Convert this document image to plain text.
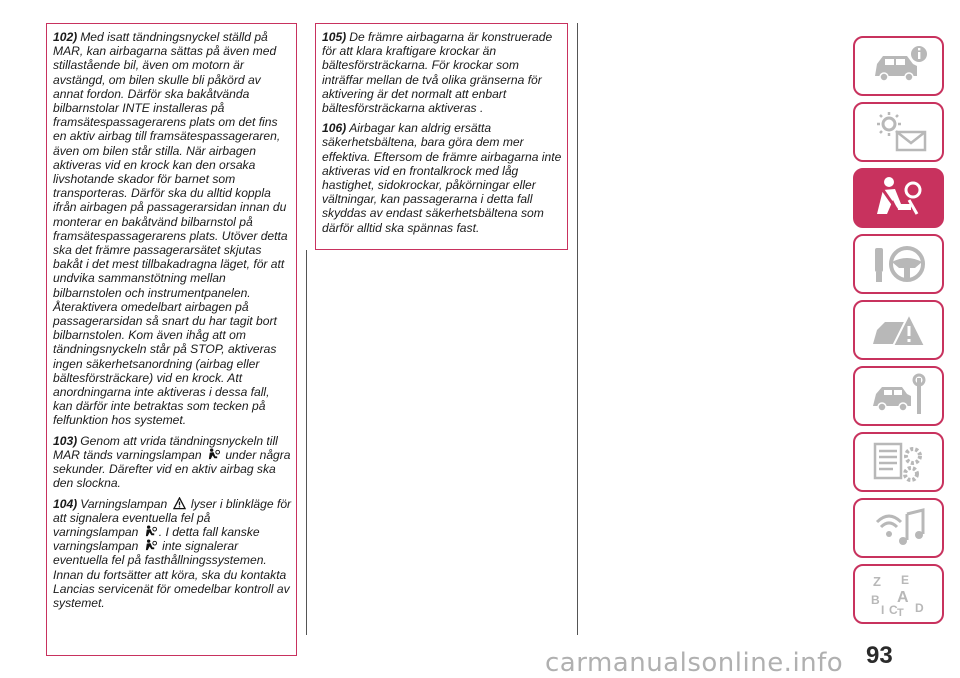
102) Med isatt tändningsnyckel ställd på MAR, kan airbagarna sättas på även med stillastående bil, även om motorn är avstängd, om bilen skulle bli påkörd av annat fordon. Därför ska bakåtvända bilbarnstolar INTE installeras på framsätespassagerarens plats om det fins en aktiv airbag till framsätespassageraren, även om bilen står stilla. När airbagen aktiveras vid en krock kan den orsaka livshotande skador för barnet som transporteras. Därför ska du alltid koppla ifrån airbagen på passagerarsidan innan du monterar en bakåtvänd bilbarnstol på framsätespassagerarens plats. Utöver detta ska det främre passagerarsätet skjutas bakåt i det mest tillbakadragna läget, för att undvika sammanstötning mellan bilbarnstolen och instrumentpanelen. Återaktivera omedelbart airbagen på passagerarsidan så snart du har tagit bort bilbarnstolen. Kom även ihåg att om tändningsnyckeln står på STOP, aktiveras ingen säkerhetsanordning (airbag eller bältesförsträckare) vid en krock. Att anordningarna inte aktiveras i dessa fall, kan därför inte betraktas som tecken på felfunktion hos systemet.

103) Genom att vrida tändningsnyckeln till MAR tänds varningslampan under några sekunder. Därefter vid en aktiv airbag ska den slockna.

104) Varningslampan lyser i blinkläge för att signalera eventuella fel på varningslampan . I detta fall kanske varningslampan inte signalerar eventuella fel på fasthållningssystemen. Innan du fortsätter att köra, ska du kontakta Lancias servicenät för omedelbar kontroll av systemet.

105) De främre airbagarna är konstruerade för att klara kraftigare krockar än bältesförsträckarna. För krockar som inträffar mellan de två olika gränserna för aktivering är det normalt att enbart bältesförsträckarna aktiveras .

106) Airbagar kan aldrig ersätta säkerhetsbältena, bara göra dem mer effektiva. Eftersom de främre airbagarna inte aktiveras vid en frontalkrock med låg hastighet, sidokrockar, påkörningar eller vältningar, kan passagerarna i detta fall skyddas av endast säkerhetsbältena som därför alltid ska spännas fast.

Z E
B A
I C T D
93
carmanualsonline.info
